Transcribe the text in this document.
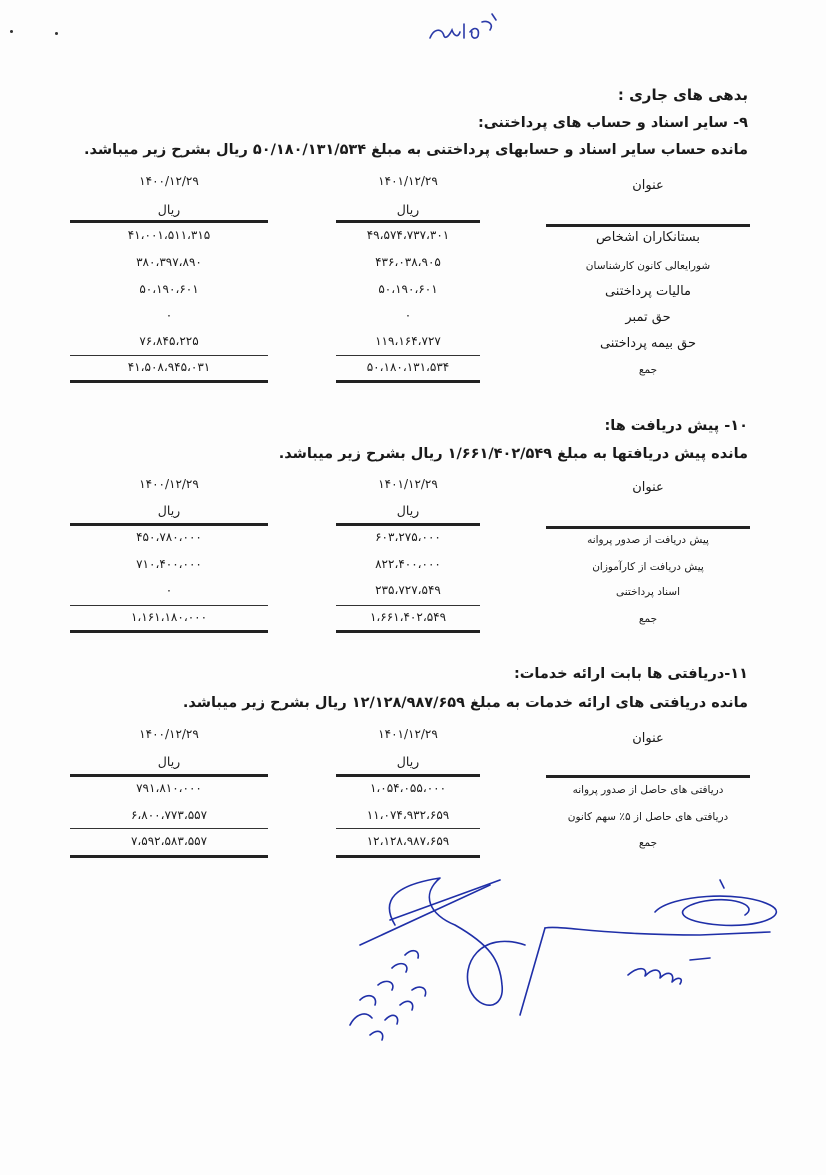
بدهی های جاری :
۹- سایر اسناد و حساب های پرداختنی:
مانده حساب سایر اسناد و حسابهای پرداختنی به مبلغ ۵۰/۱۸۰/۱۳۱/۵۳۴ ریال بشرح زیر میباشد.
۱۴۰۰/۱۲/۲۹	۱۴۰۱/۱۲/۲۹	عنوان
ریال	ریال
۴۱،۰۰۱،۵۱۱،۳۱۵	۴۹،۵۷۴،۷۳۷،۳۰۱	بستانکاران اشخاص
۳۸۰،۳۹۷،۸۹۰	۴۳۶،۰۳۸،۹۰۵	شورایعالی کانون کارشناسان
۵۰،۱۹۰،۶۰۱	۵۰،۱۹۰،۶۰۱	مالیات پرداختنی
۰	۰	حق تمبر
۷۶،۸۴۵،۲۲۵	۱۱۹،۱۶۴،۷۲۷	حق بیمه پرداختنی
۴۱،۵۰۸،۹۴۵،۰۳۱	۵۰،۱۸۰،۱۳۱،۵۳۴	جمع
۱۰- پیش دریافت ها:
مانده پیش دریافتها به مبلغ ۱/۶۶۱/۴۰۲/۵۴۹ ریال بشرح زیر میباشد.
۱۴۰۰/۱۲/۲۹	۱۴۰۱/۱۲/۲۹	عنوان
ریال	ریال
۴۵۰،۷۸۰،۰۰۰	۶۰۳،۲۷۵،۰۰۰	پیش دریافت از صدور پروانه
۷۱۰،۴۰۰،۰۰۰	۸۲۲،۴۰۰،۰۰۰	پیش دریافت از کارآموزان
۰	۲۳۵،۷۲۷،۵۴۹	اسناد پرداختنی
۱،۱۶۱،۱۸۰،۰۰۰	۱،۶۶۱،۴۰۲،۵۴۹	جمع
۱۱-دریافتی ها بابت ارائه خدمات:
مانده دریافتی های ارائه خدمات به مبلغ ۱۲/۱۲۸/۹۸۷/۶۵۹ ریال بشرح زیر میباشد.
۱۴۰۰/۱۲/۲۹	۱۴۰۱/۱۲/۲۹	عنوان
ریال	ریال
۷۹۱،۸۱۰،۰۰۰	۱،۰۵۴،۰۵۵،۰۰۰	دریافتی های حاصل از صدور پروانه
۶،۸۰۰،۷۷۳،۵۵۷	۱۱،۰۷۴،۹۳۲،۶۵۹	دریافتی های حاصل از ۵٪ سهم کانون
۷،۵۹۲،۵۸۳،۵۵۷	۱۲،۱۲۸،۹۸۷،۶۵۹	جمع
